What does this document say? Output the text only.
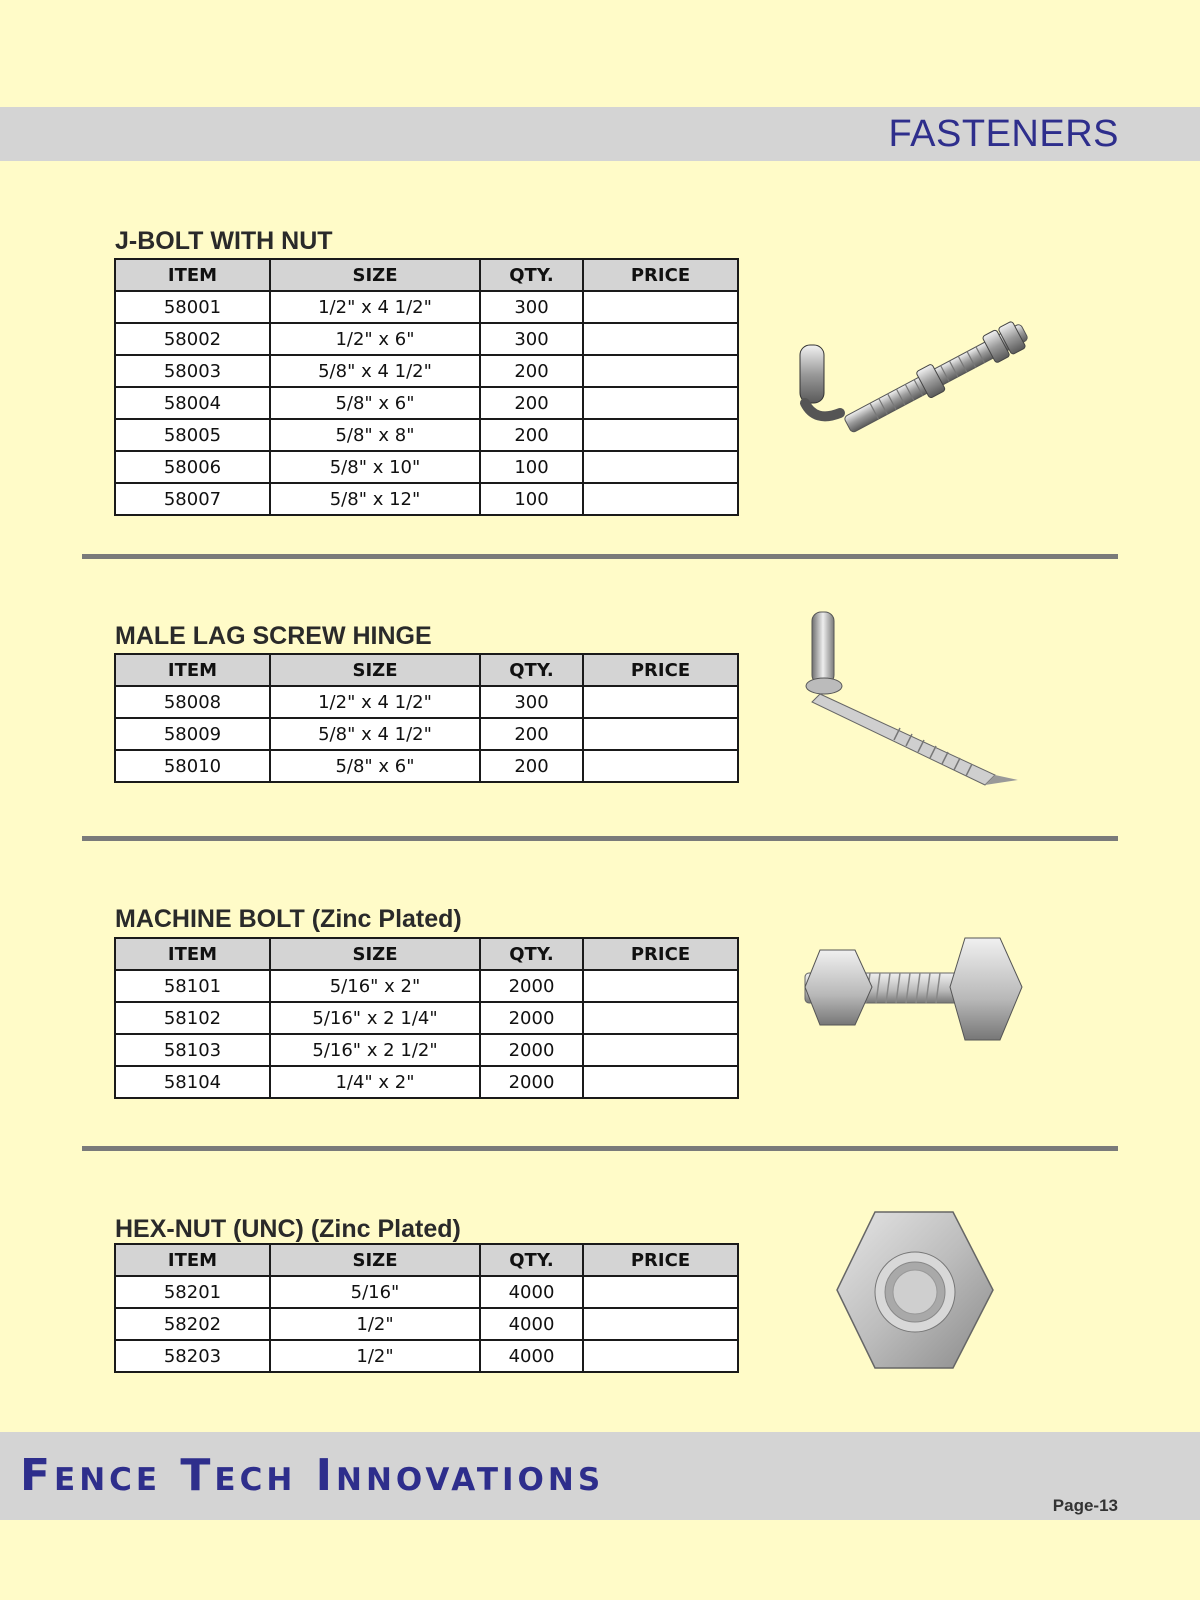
FASTENERS
J-BOLT WITH NUT
ITEM	SIZE	QTY.	PRICE
58001	1/2" x 4 1/2"	300	
58002	1/2" x 6"	300	
58003	5/8" x 4 1/2"	200	
58004	5/8" x 6"	200	
58005	5/8" x 8"	200	
58006	5/8" x 10"	100	
58007	5/8" x 12"	100	
MALE LAG SCREW HINGE
ITEM	SIZE	QTY.	PRICE
58008	1/2" x 4 1/2"	300	
58009	5/8" x 4 1/2"	200	
58010	5/8" x 6"	200	
MACHINE BOLT (Zinc Plated)
ITEM	SIZE	QTY.	PRICE
58101	5/16" x 2"	2000	
58102	5/16" x 2 1/4"	2000	
58103	5/16" x 2 1/2"	2000	
58104	1/4" x 2"	2000	
HEX-NUT (UNC) (Zinc Plated)
ITEM	SIZE	QTY.	PRICE
58201	5/16"	4000	
58202	1/2"	4000	
58203	1/2"	4000	
Fence Tech Innovations
Page-13
